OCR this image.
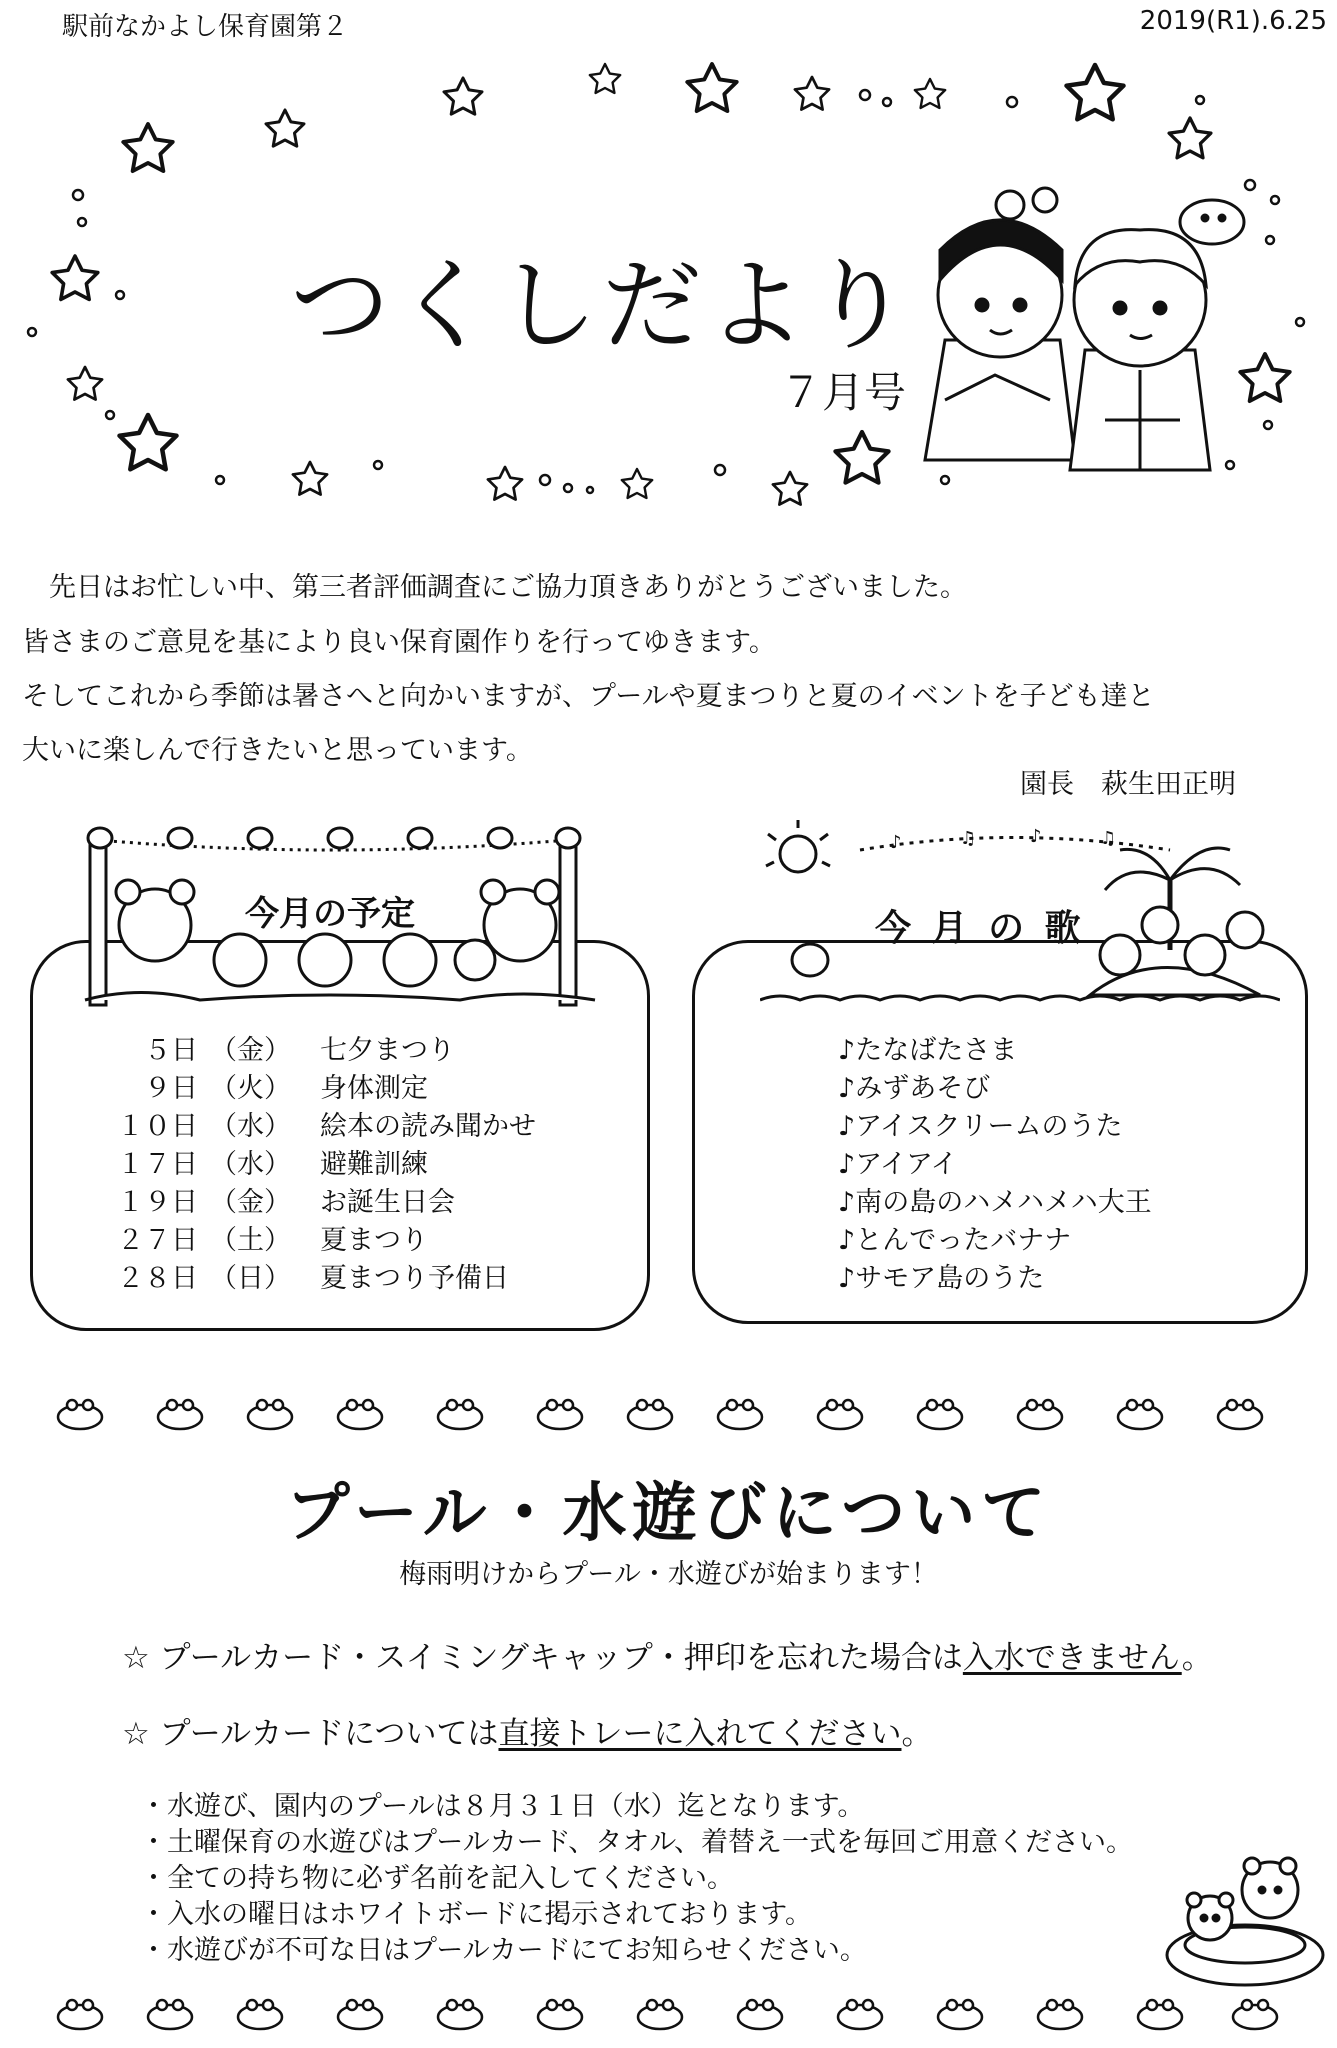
駅前なかよし保育園第２	2019(R1).6.25
つくしだより
７月号
　先日はお忙しい中、第三者評価調査にご協力頂きありがとうございました。
皆さまのご意見を基により良い保育園作りを行ってゆきます。
そしてこれから季節は暑さへと向かいますが、プールや夏まつりと夏のイベントを子ども達と
大いに楽しんで行きたいと思っています。
園長　萩生田正明
今月の予定
５日 （金） 七夕まつり
９日 （火） 身体測定
１０日 （水） 絵本の読み聞かせ
１７日 （水） 避難訓練
１９日 （金） お誕生日会
２７日 （土） 夏まつり
２８日 （日） 夏まつり予備日
♪	♫	♪	♫
今 月 の 歌
♪たなばたさま
♪みずあそび
♪アイスクリームのうた
♪アイアイ
♪南の島のハメハメハ大王
♪とんでったバナナ
♪サモア島のうた
プール・水遊びについて
梅雨明けからプール・水遊びが始まります！
☆ プールカード・スイミングキャップ・押印を忘れた場合は入水できません。
☆ プールカードについては直接トレーに入れてください。
・水遊び、園内のプールは８月３１日（水）迄となります。
・土曜保育の水遊びはプールカード、タオル、着替え一式を毎回ご用意ください。
・全ての持ち物に必ず名前を記入してください。
・入水の曜日はホワイトボードに掲示されております。
・水遊びが不可な日はプールカードにてお知らせください。
